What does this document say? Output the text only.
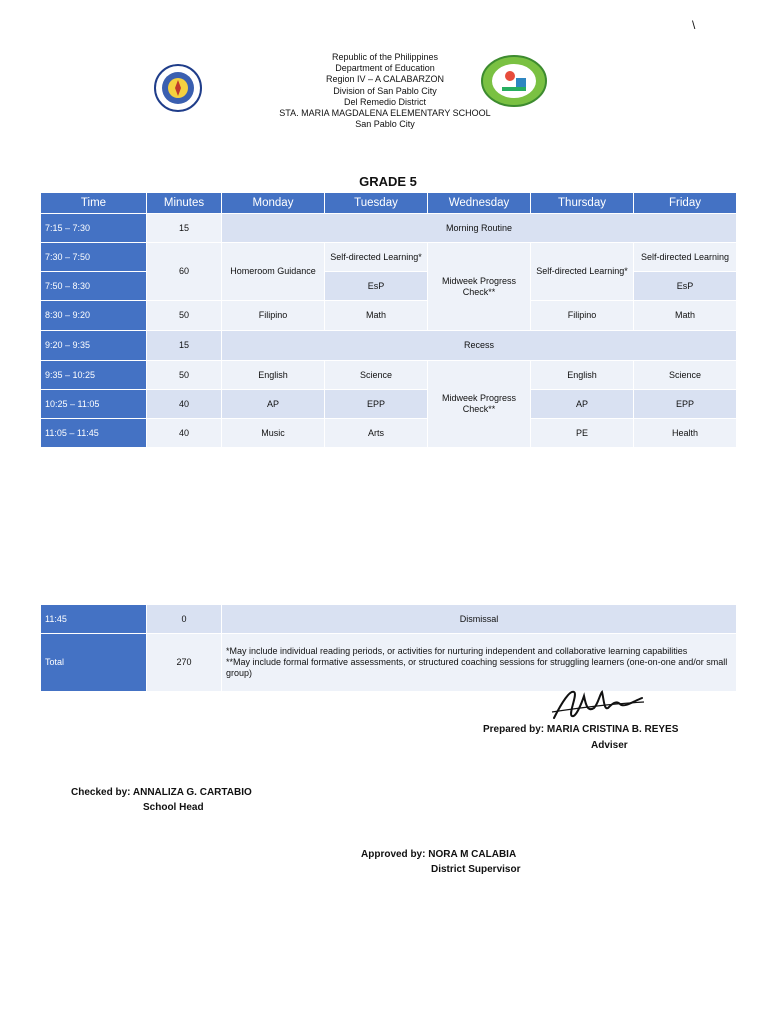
\
Republic of the Philippines
Department of Education
Region IV – A CALABARZON
Division of San Pablo City
Del Remedio District
STA. MARIA MAGDALENA ELEMENTARY SCHOOL
San Pablo City
GRADE 5
Time	Minutes	Monday	Tuesday	Wednesday	Thursday	Friday
7:15 – 7:30	15	Morning Routine				
7:30 – 7:50	60	Homeroom Guidance	Self-directed Learning*	Midweek Progress Check**	Self-directed Learning*	Self-directed Learning
7:50 – 8:30			EsP			EsP
8:30 – 9:20	50	Filipino	Math		Filipino	Math
9:20 – 9:35	15	Recess				
9:35 – 10:25	50	English	Science	Midweek Progress Check**	English	Science
10:25 – 11:05	40	AP	EPP		AP	EPP
11:05 – 11:45	40	Music	Arts		PE	Health
11:45	0	Dismissal
Total	270	*May include individual reading periods, or activities for nurturing independent and collaborative learning capabilities
**May include formal formative assessments, or structured coaching sessions for struggling learners (one-on-one and/or small group)
Prepared by: MARIA CRISTINA B. REYES
Adviser
Checked by: ANNALIZA G. CARTABIO
School Head
Approved by: NORA M CALABIA
District Supervisor
